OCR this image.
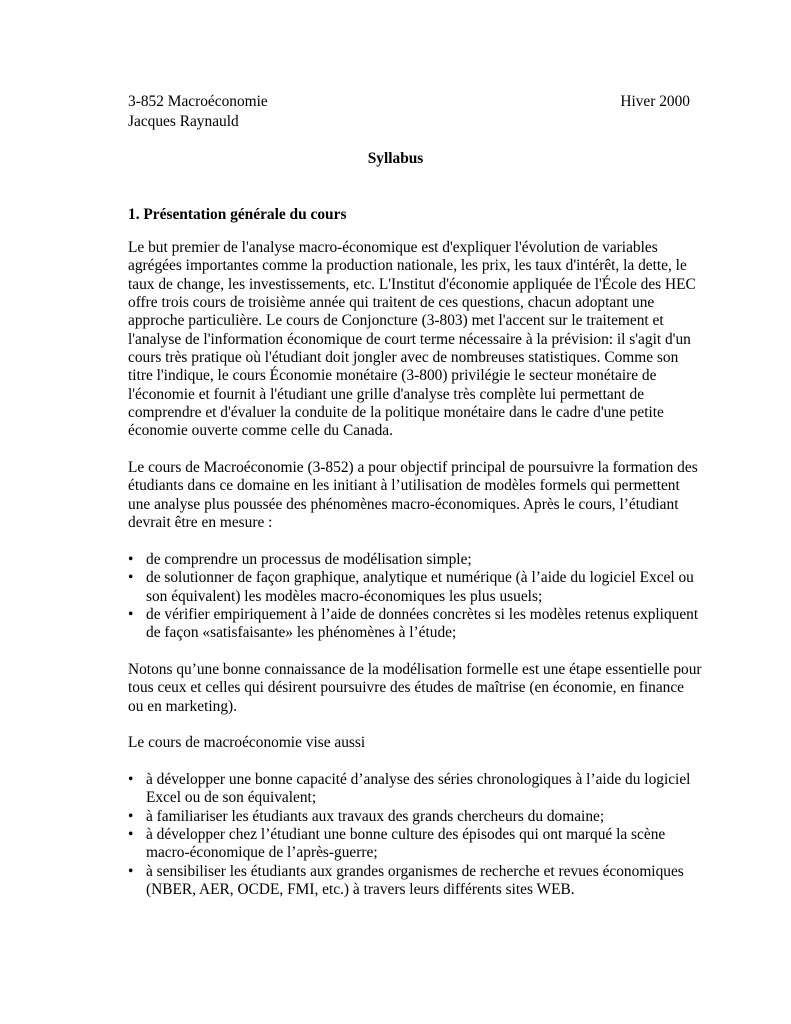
3-852 Macroéconomie	Hiver 2000
Jacques Raynauld
Syllabus
1. Présentation générale du cours

Le but premier de l'analyse macro-économique est d'expliquer l'évolution de variables agrégées importantes comme la production nationale, les prix, les taux d'intérêt, la dette, le taux de change, les investissements, etc. L'Institut d'économie appliquée de l'École des HEC offre trois cours de troisième année qui traitent de ces questions, chacun adoptant une approche particulière. Le cours de Conjoncture (3-803) met l'accent sur le traitement et l'analyse de l'information économique de court terme nécessaire à la prévision: il s'agit d'un cours très pratique où l'étudiant doit jongler avec de nombreuses statistiques. Comme son titre l'indique, le cours Économie monétaire (3-800) privilégie le secteur monétaire de l'économie et fournit à l'étudiant une grille d'analyse très complète lui permettant de comprendre et d'évaluer la conduite de la politique monétaire dans le cadre d'une petite économie ouverte comme celle du Canada.

Le cours de Macroéconomie (3-852) a pour objectif principal de poursuivre la formation des étudiants dans ce domaine en les initiant à l’utilisation de modèles formels qui permettent une analyse plus poussée des phénomènes macro-économiques. Après le cours, l’étudiant devrait être en mesure :

• de comprendre un processus de modélisation simple;
• de solutionner de façon graphique, analytique et numérique (à l’aide du logiciel Excel ou son équivalent) les modèles macro-économiques les plus usuels;
• de vérifier empiriquement à l’aide de données concrètes si les modèles retenus expliquent de façon «satisfaisante» les phénomènes à l’étude;

Notons qu’une bonne connaissance de la modélisation formelle est une étape essentielle pour tous ceux et celles qui désirent poursuivre des études de maîtrise (en économie, en finance ou en marketing).

Le cours de macroéconomie vise aussi

• à développer une bonne capacité d’analyse des séries chronologiques à l’aide du logiciel Excel ou de son équivalent;
• à familiariser les étudiants aux travaux des grands chercheurs du domaine;
• à développer chez l’étudiant une bonne culture des épisodes qui ont marqué la scène macro-économique de l’après-guerre;
• à sensibiliser les étudiants aux grandes organismes de recherche et revues économiques (NBER, AER, OCDE, FMI, etc.) à travers leurs différents sites WEB.
